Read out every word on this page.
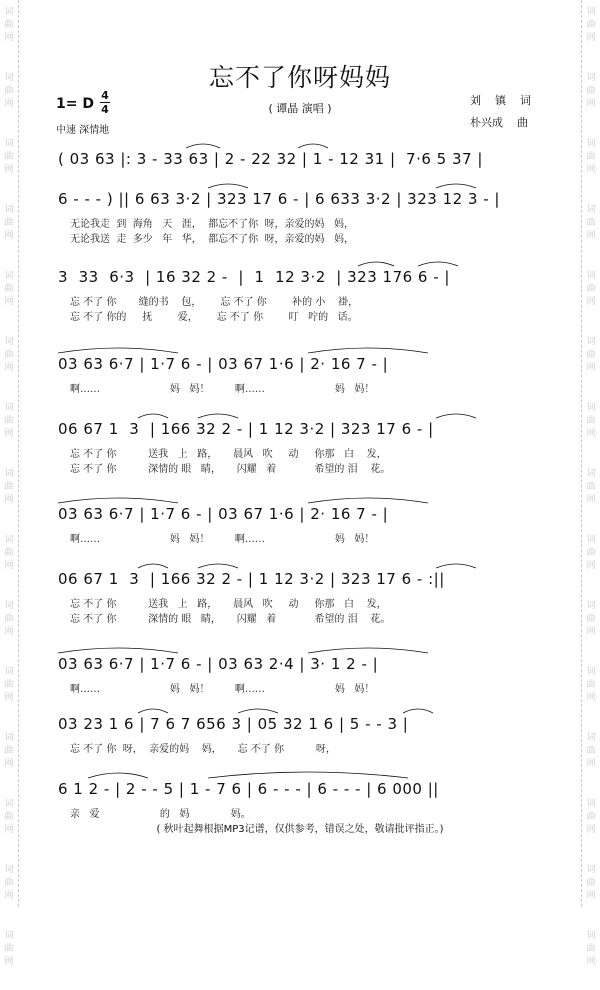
词
曲
网
词
曲
网
词
曲
网
词
曲
网
词
曲
网
词
曲
网
词
曲
网
词
曲
网
词
曲
网
词
曲
网
词
曲
网
词
曲
网
词
曲
网
词
曲
网
词
曲
网
词
曲
网
词
曲
网
词
曲
网
词
曲
网
词
曲
网
词
曲
网
词
曲
网
词
曲
网
词
曲
网
词
曲
网
词
曲
网
词
曲
网
词
曲
网
词
曲
网
词
曲
网
忘不了你呀妈妈
( 谭晶 演唱 )
1= D
4
4
中速 深情地
刘    镇    词
朴兴成    曲
( 03 63 |: 3 - 33 63 | 2 - 22 32 | 1 - 12 31 |  7·6 5 37 |
6 - - - ) || 6 63 3·2 | 323 17 6 - | 6 633 3·2 | 323 12 3 - |
无论我走  到  海角   天   涯，  都忘不了你  呀，亲爱的妈   妈，
无论我送  走  多少   年   华，  都忘不了你  呀，亲爱的妈   妈，
3  33  6·3  | 16 32 2 -  |  1  12 3·2  | 323 176 6 - |
忘 不了 你       缝的书    包，      忘 不了 你        补的 小    褂，
忘 不了 你的     抚        爱，      忘 不了 你        叮   咛的   话。
03 63 6·7 | 1·7 6 - | 03 67 1·6 | 2· 16 7 - |
啊……                      妈   妈！        啊……                      妈   妈！
06 67 1  3  | 166 32 2 - | 1 12 3·2 | 323 17 6 - |
忘 不了 你          送我   上   路，     晨风   吹     动     你那   白    发，
忘 不了 你          深情的 眼   睛，     闪耀   着            希望的 泪    花。
03 63 6·7 | 1·7 6 - | 03 67 1·6 | 2· 16 7 - |
啊……                      妈   妈！        啊……                      妈   妈！
06 67 1  3  | 166 32 2 - | 1 12 3·2 | 323 17 6 - :||
忘 不了 你          送我   上   路，     晨风   吹     动     你那   白    发，
忘 不了 你          深情的 眼   睛，     闪耀   着            希望的 泪    花。
03 63 6·7 | 1·7 6 - | 03 63 2·4 | 3· 1 2 - |
啊……                      妈   妈！        啊……                      妈   妈！
03 23 1 6 | 7 6 7 656 3 | 05 32 1 6 | 5 - - 3 |
忘 不了 你  呀，  亲爱的妈    妈，     忘 不了 你          呀，
6 1 2 - | 2 - - 5 | 1 - 7 6 | 6 - - - | 6 - - - | 6 000 ||
亲   爱                   的   妈             妈。
( 秋叶起舞根据MP3记谱，仅供参考，错误之处，敬请批评指正。)
